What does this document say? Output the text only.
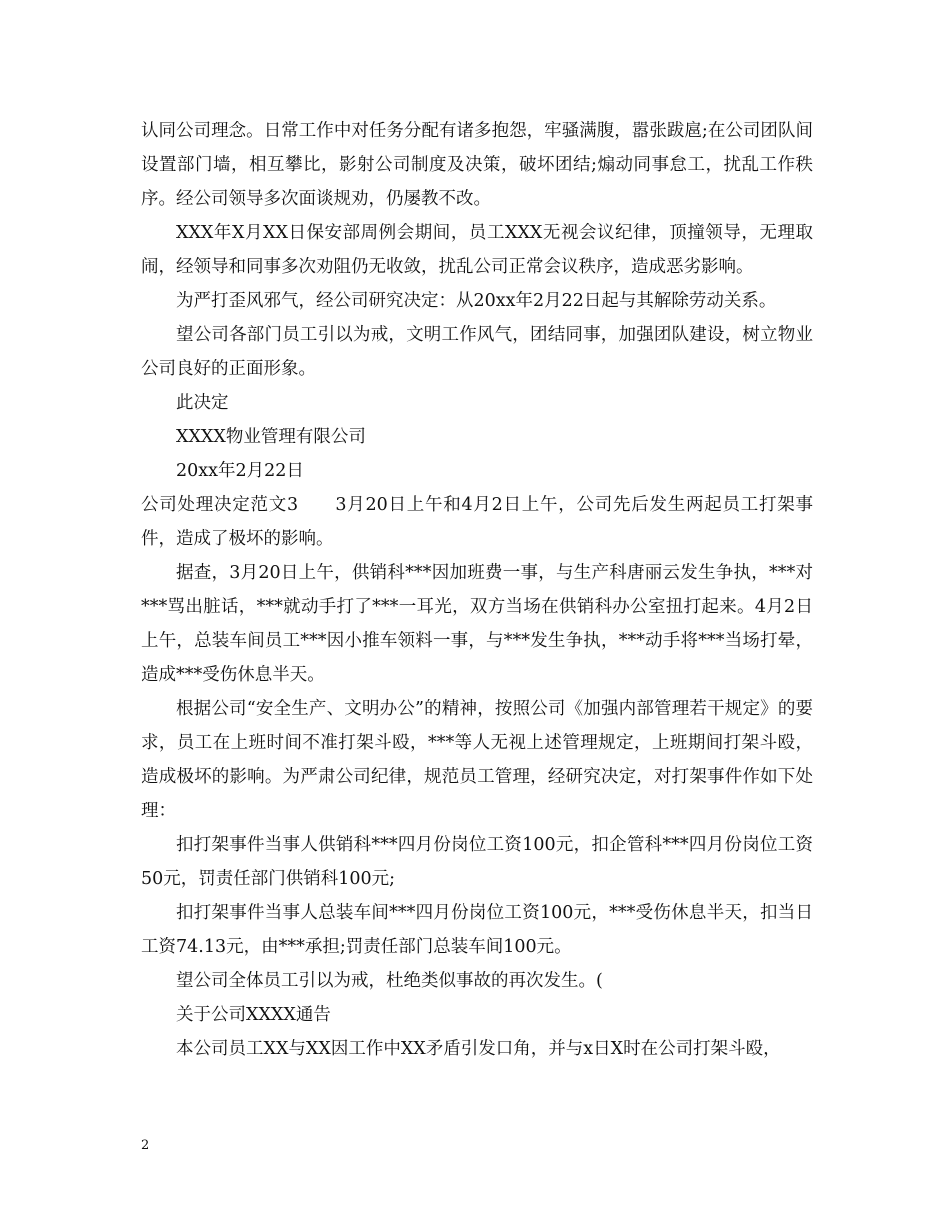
认同公司理念。日常工作中对任务分配有诸多抱怨，牢骚满腹，嚣张跋扈;在公司团队间设置部门墙，相互攀比，影射公司制度及决策，破坏团结;煽动同事怠工，扰乱工作秩序。经公司领导多次面谈规劝，仍屡教不改。

XXX年X月XX日保安部周例会期间，员工XXX无视会议纪律，顶撞领导，无理取闹，经领导和同事多次劝阻仍无收敛，扰乱公司正常会议秩序，造成恶劣影响。

为严打歪风邪气，经公司研究决定：从20xx年2月22日起与其解除劳动关系。

望公司各部门员工引以为戒，文明工作风气，团结同事，加强团队建设，树立物业公司良好的正面形象。

此决定

XXXX物业管理有限公司

20xx年2月22日

公司处理决定范文3　　3月20日上午和4月2日上午，公司先后发生两起员工打架事件，造成了极坏的影响。

据查，3月20日上午，供销科***因加班费一事，与生产科唐丽云发生争执，***对***骂出脏话，***就动手打了***一耳光，双方当场在供销科办公室扭打起来。4月2日上午，总装车间员工***因小推车领料一事，与***发生争执，***动手将***当场打晕，造成***受伤休息半天。

根据公司“安全生产、文明办公”的精神，按照公司《加强内部管理若干规定》的要求，员工在上班时间不准打架斗殴，***等人无视上述管理规定，上班期间打架斗殴，造成极坏的影响。为严肃公司纪律，规范员工管理，经研究决定，对打架事件作如下处理：

扣打架事件当事人供销科***四月份岗位工资100元，扣企管科***四月份岗位工资50元，罚责任部门供销科100元;

扣打架事件当事人总装车间***四月份岗位工资100元，***受伤休息半天，扣当日工资74.13元，由***承担;罚责任部门总装车间100元。

望公司全体员工引以为戒，杜绝类似事故的再次发生。(

关于公司XXXX通告

本公司员工XX与XX因工作中XX矛盾引发口角，并与x日X时在公司打架斗殴，

2
